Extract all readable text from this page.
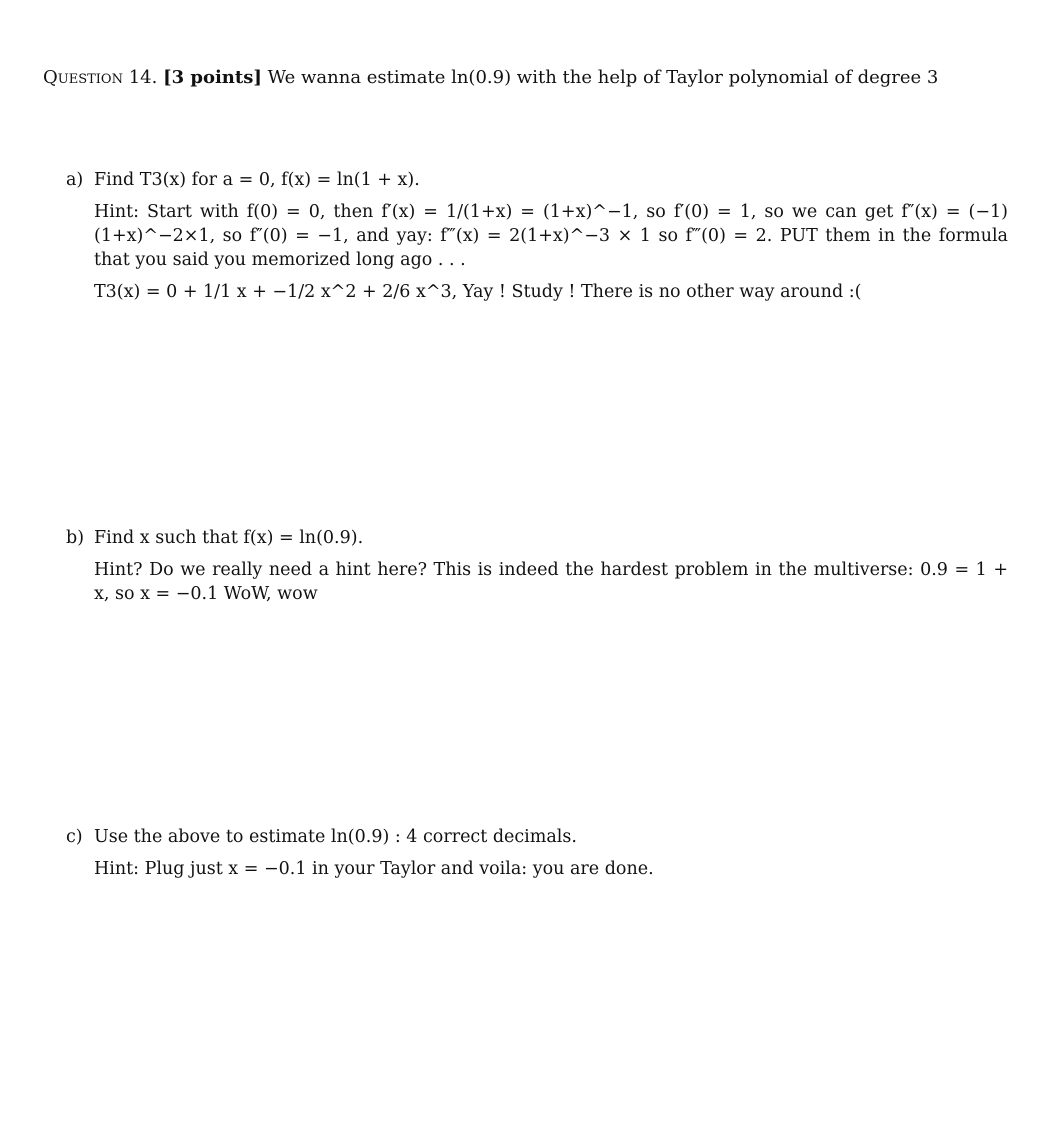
Question 14. [3 points] We wanna estimate ln(0.9) with the help of Taylor polynomial of degree 3
a) Find T3(x) for a = 0, f(x) = ln(1 + x).

Hint: Start with f(0) = 0, then f′(x) = 1/(1+x) = (1+x)^−1, so f′(0) = 1, so we can get f″(x) = (−1)(1+x)^−2×1, so f″(0) = −1, and yay: f‴(x) = 2(1+x)^−3 × 1 so f‴(0) = 2. PUT them in the formula that you said you memorized long ago . . .

T3(x) = 0 + 1/1 x + −1/2 x^2 + 2/6 x^3, Yay ! Study ! There is no other way around :(

b) Find x such that f(x) = ln(0.9).

Hint? Do we really need a hint here? This is indeed the hardest problem in the multiverse: 0.9 = 1 + x, so x = −0.1 WoW, wow

c) Use the above to estimate ln(0.9) : 4 correct decimals.

Hint: Plug just x = −0.1 in your Taylor and voila: you are done.
